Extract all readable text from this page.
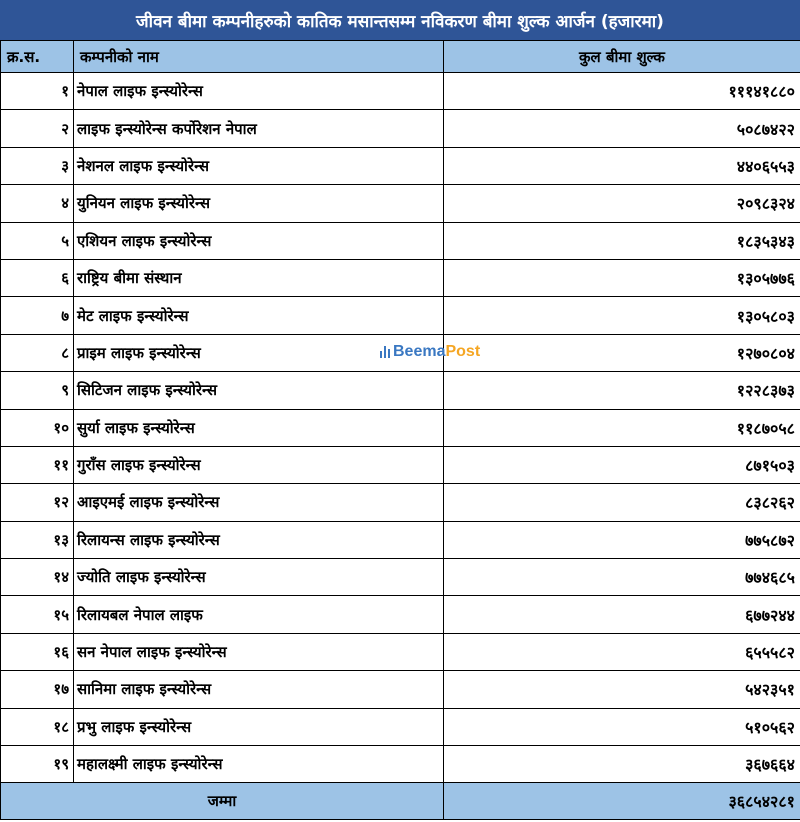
जीवन बीमा कम्पनीहरुको कातिक मसान्तसम्म नविकरण बीमा शुल्क आर्जन (हजारमा)
क्र.स.	कम्पनीको नाम	कुल बीमा शुल्क
१	नेपाल लाइफ इन्स्योरेन्स	१११४१८८०
२	लाइफ इन्स्योरेन्स कर्पोरेशन नेपाल	५०८७४२२
३	नेशनल लाइफ इन्स्योरेन्स	४४०६५५३
४	युनियन लाइफ इन्स्योरेन्स	२०९८३२४
५	एशियन लाइफ इन्स्योरेन्स	१८३५३४३
६	राष्ट्रिय बीमा संस्थान	१३०५७७६
७	मेट लाइफ इन्स्योरेन्स	१३०५८०३
८	प्राइम लाइफ इन्स्योरेन्स	१२७०८०४
९	सिटिजन लाइफ इन्स्योरेन्स	१२२८३७३
१०	सुर्या लाइफ इन्स्योरेन्स	११८७०५८
११	गुराँस लाइफ इन्स्योरेन्स	८७१५०३
१२	आइएमई लाइफ इन्स्योरेन्स	८३८२६२
१३	रिलायन्स लाइफ इन्स्योरेन्स	७७५८७२
१४	ज्योति लाइफ इन्स्योरेन्स	७७४६८५
१५	रिलायबल नेपाल लाइफ	६७७२४४
१६	सन नेपाल लाइफ इन्स्योरेन्स	६५५५८२
१७	सानिमा लाइफ इन्स्योरेन्स	५४२३५१
१८	प्रभु लाइफ इन्स्योरेन्स	५१०५६२
१९	महालक्ष्मी लाइफ इन्स्योरेन्स	३६७६६४
जम्मा		३६८५४२८१
Beema Post
